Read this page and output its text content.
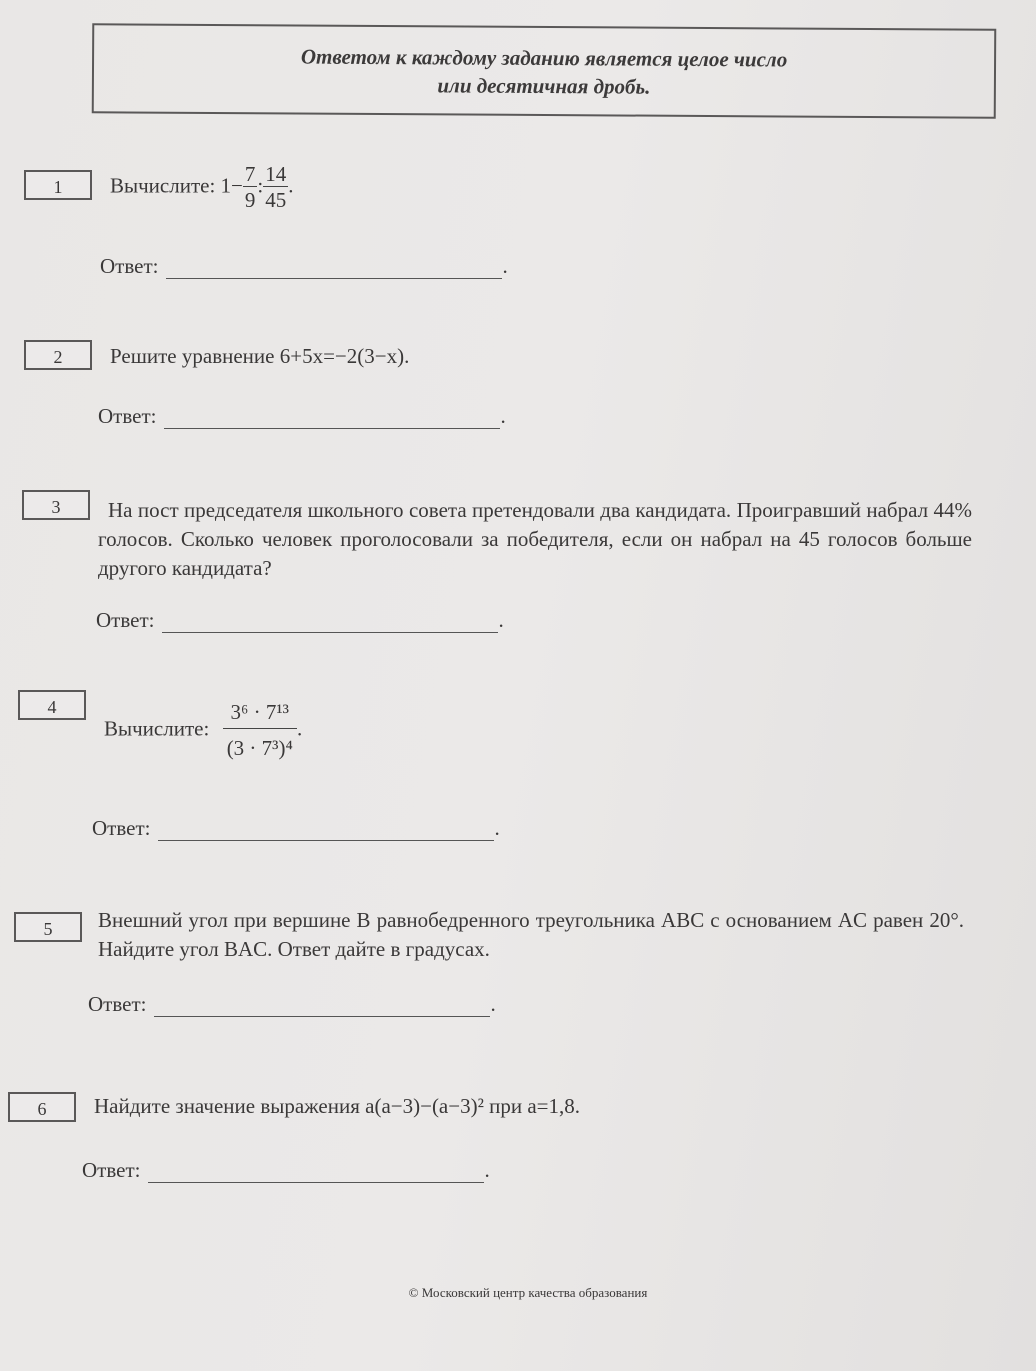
Ответом к каждому заданию является целое число
или десятичная дробь.
1	Вычислите: $1- \frac{7}{9}$ : $\frac{14}{45}$ .
Ответ:	.
2	Решите уравнение 6+5x=−2(3−x).
Ответ:	.
3	На пост председателя школьного совета претендовали два кандидата. Проигравший набрал 44% голосов. Сколько человек проголосовали за победителя, если он набрал на 45 голосов больше другого кандидата?
Ответ:	.
4
Вычислите: $\frac{\text{3⁶ · 7¹³}}{\text{(3 · 7³)⁴}}$ .
Ответ:	.
5	Внешний угол при вершине B равнобедренного треугольника ABC с основанием AC равен 20°. Найдите угол BAC. Ответ дайте в градусах.
Ответ:	.
6	Найдите значение выражения a(a−3)−(a−3)² при a=1,8.
Ответ:	.
© Московский центр качества образования
